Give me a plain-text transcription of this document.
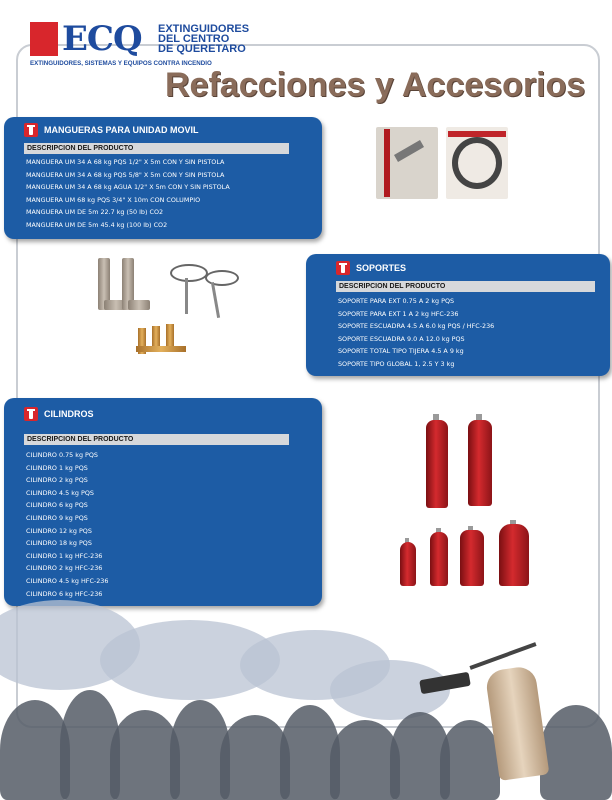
ECQ EXTINGUIDORES
DEL CENTRO
DE QUERETARO
EXTINGUIDORES, SISTEMAS Y EQUIPOS CONTRA INCENDIO
Refacciones y Accesorios
MANGUERAS PARA UNIDAD MOVIL
DESCRIPCION DEL PRODUCTO
MANGUERA UM 34 A 68 kg PQS 1/2" X 5m CON Y SIN PISTOLA
MANGUERA UM 34 A 68 kg PQS 5/8" X 5m CON Y SIN PISTOLA
MANGUERA UM 34 A 68 kg AGUA 1/2" X 5m CON Y SIN PISTOLA
MANGUERA UM 68 kg PQS 3/4" X 10m CON COLUMPIO
MANGUERA UM DE 5m 22.7 kg (50 lb) CO2
MANGUERA UM DE 5m 45.4 kg (100 lb) CO2
SOPORTES
DESCRIPCION DEL PRODUCTO
SOPORTE PARA EXT 0.75 A 2 kg PQS
SOPORTE PARA EXT 1 A 2 kg HFC-236
SOPORTE ESCUADRA 4.5 A 6.0 kg PQS / HFC-236
SOPORTE ESCUADRA 9.0 A 12.0 kg PQS
SOPORTE TOTAL TIPO TIJERA 4.5 A 9 kg
SOPORTE TIPO GLOBAL 1, 2.5 Y 3 kg
CILINDROS
DESCRIPCION DEL PRODUCTO
CILINDRO 0.75 kg PQS
CILINDRO 1 kg PQS
CILINDRO 2 kg PQS
CILINDRO 4.5 kg PQS
CILINDRO 6 kg PQS
CILINDRO 9 kg PQS
CILINDRO 12 kg PQS
CILINDRO 18 kg PQS
CILINDRO 1 kg HFC-236
CILINDRO 2 kg HFC-236
CILINDRO 4.5 kg HFC-236
CILINDRO 6 kg HFC-236
